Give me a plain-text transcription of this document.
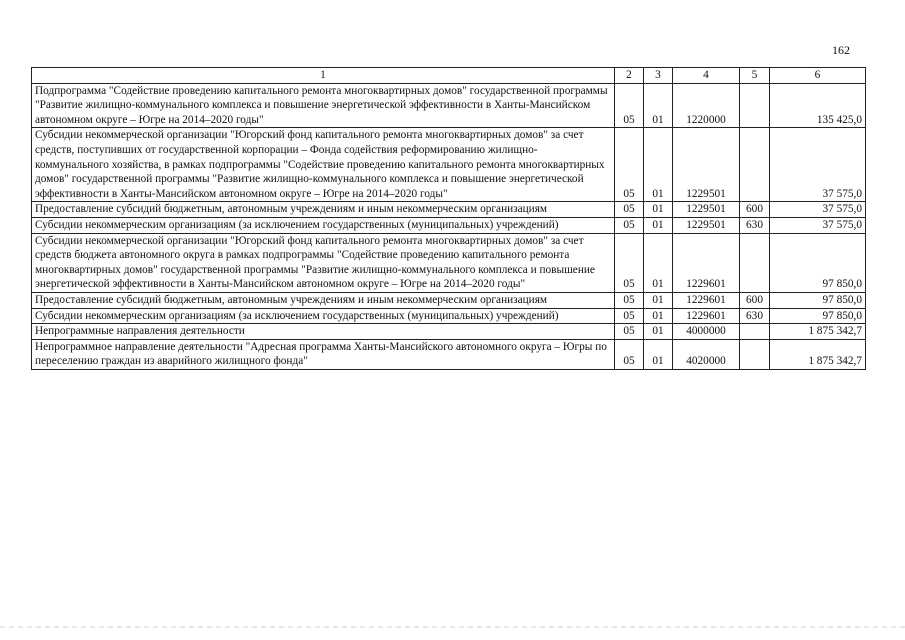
162
1	2	3	4	5	6
Подпрограмма "Содействие проведению капитального ремонта многоквартирных домов" государственной программы "Развитие жилищно-коммунального комплекса и повышение энергетической эффективности в Ханты-Мансийском автономном округе – Югре на 2014–2020 годы"	05	01	1220000		135 425,0
Субсидии некоммерческой организации "Югорский фонд капитального ремонта многоквартирных домов" за счет средств, поступивших от государственной корпорации – Фонда содействия реформированию жилищно-коммунального хозяйства, в рамках подпрограммы "Содействие проведению капитального ремонта многоквартирных домов" государственной программы "Развитие жилищно-коммунального комплекса и повышение энергетической эффективности в Ханты-Мансийском автономном округе – Югре на 2014–2020 годы"	05	01	1229501		37 575,0
Предоставление субсидий бюджетным, автономным учреждениям и иным некоммерческим организациям	05	01	1229501	600	37 575,0
Субсидии некоммерческим организациям (за исключением государственных (муниципальных) учреждений)	05	01	1229501	630	37 575,0
Субсидии некоммерческой организации "Югорский фонд капитального ремонта многоквартирных домов" за счет средств бюджета автономного округа в рамках подпрограммы "Содействие проведению капитального ремонта многоквартирных домов" государственной программы "Развитие жилищно-коммунального комплекса и повышение энергетической эффективности в Ханты-Мансийском автономном округе – Югре на 2014–2020 годы"	05	01	1229601		97 850,0
Предоставление субсидий бюджетным, автономным учреждениям и иным некоммерческим организациям	05	01	1229601	600	97 850,0
Субсидии некоммерческим организациям (за исключением государственных (муниципальных) учреждений)	05	01	1229601	630	97 850,0
Непрограммные направления деятельности	05	01	4000000		1 875 342,7
Непрограммное направление деятельности "Адресная программа Ханты-Мансийского автономного округа – Югры по переселению граждан из аварийного жилищного фонда"	05	01	4020000		1 875 342,7
